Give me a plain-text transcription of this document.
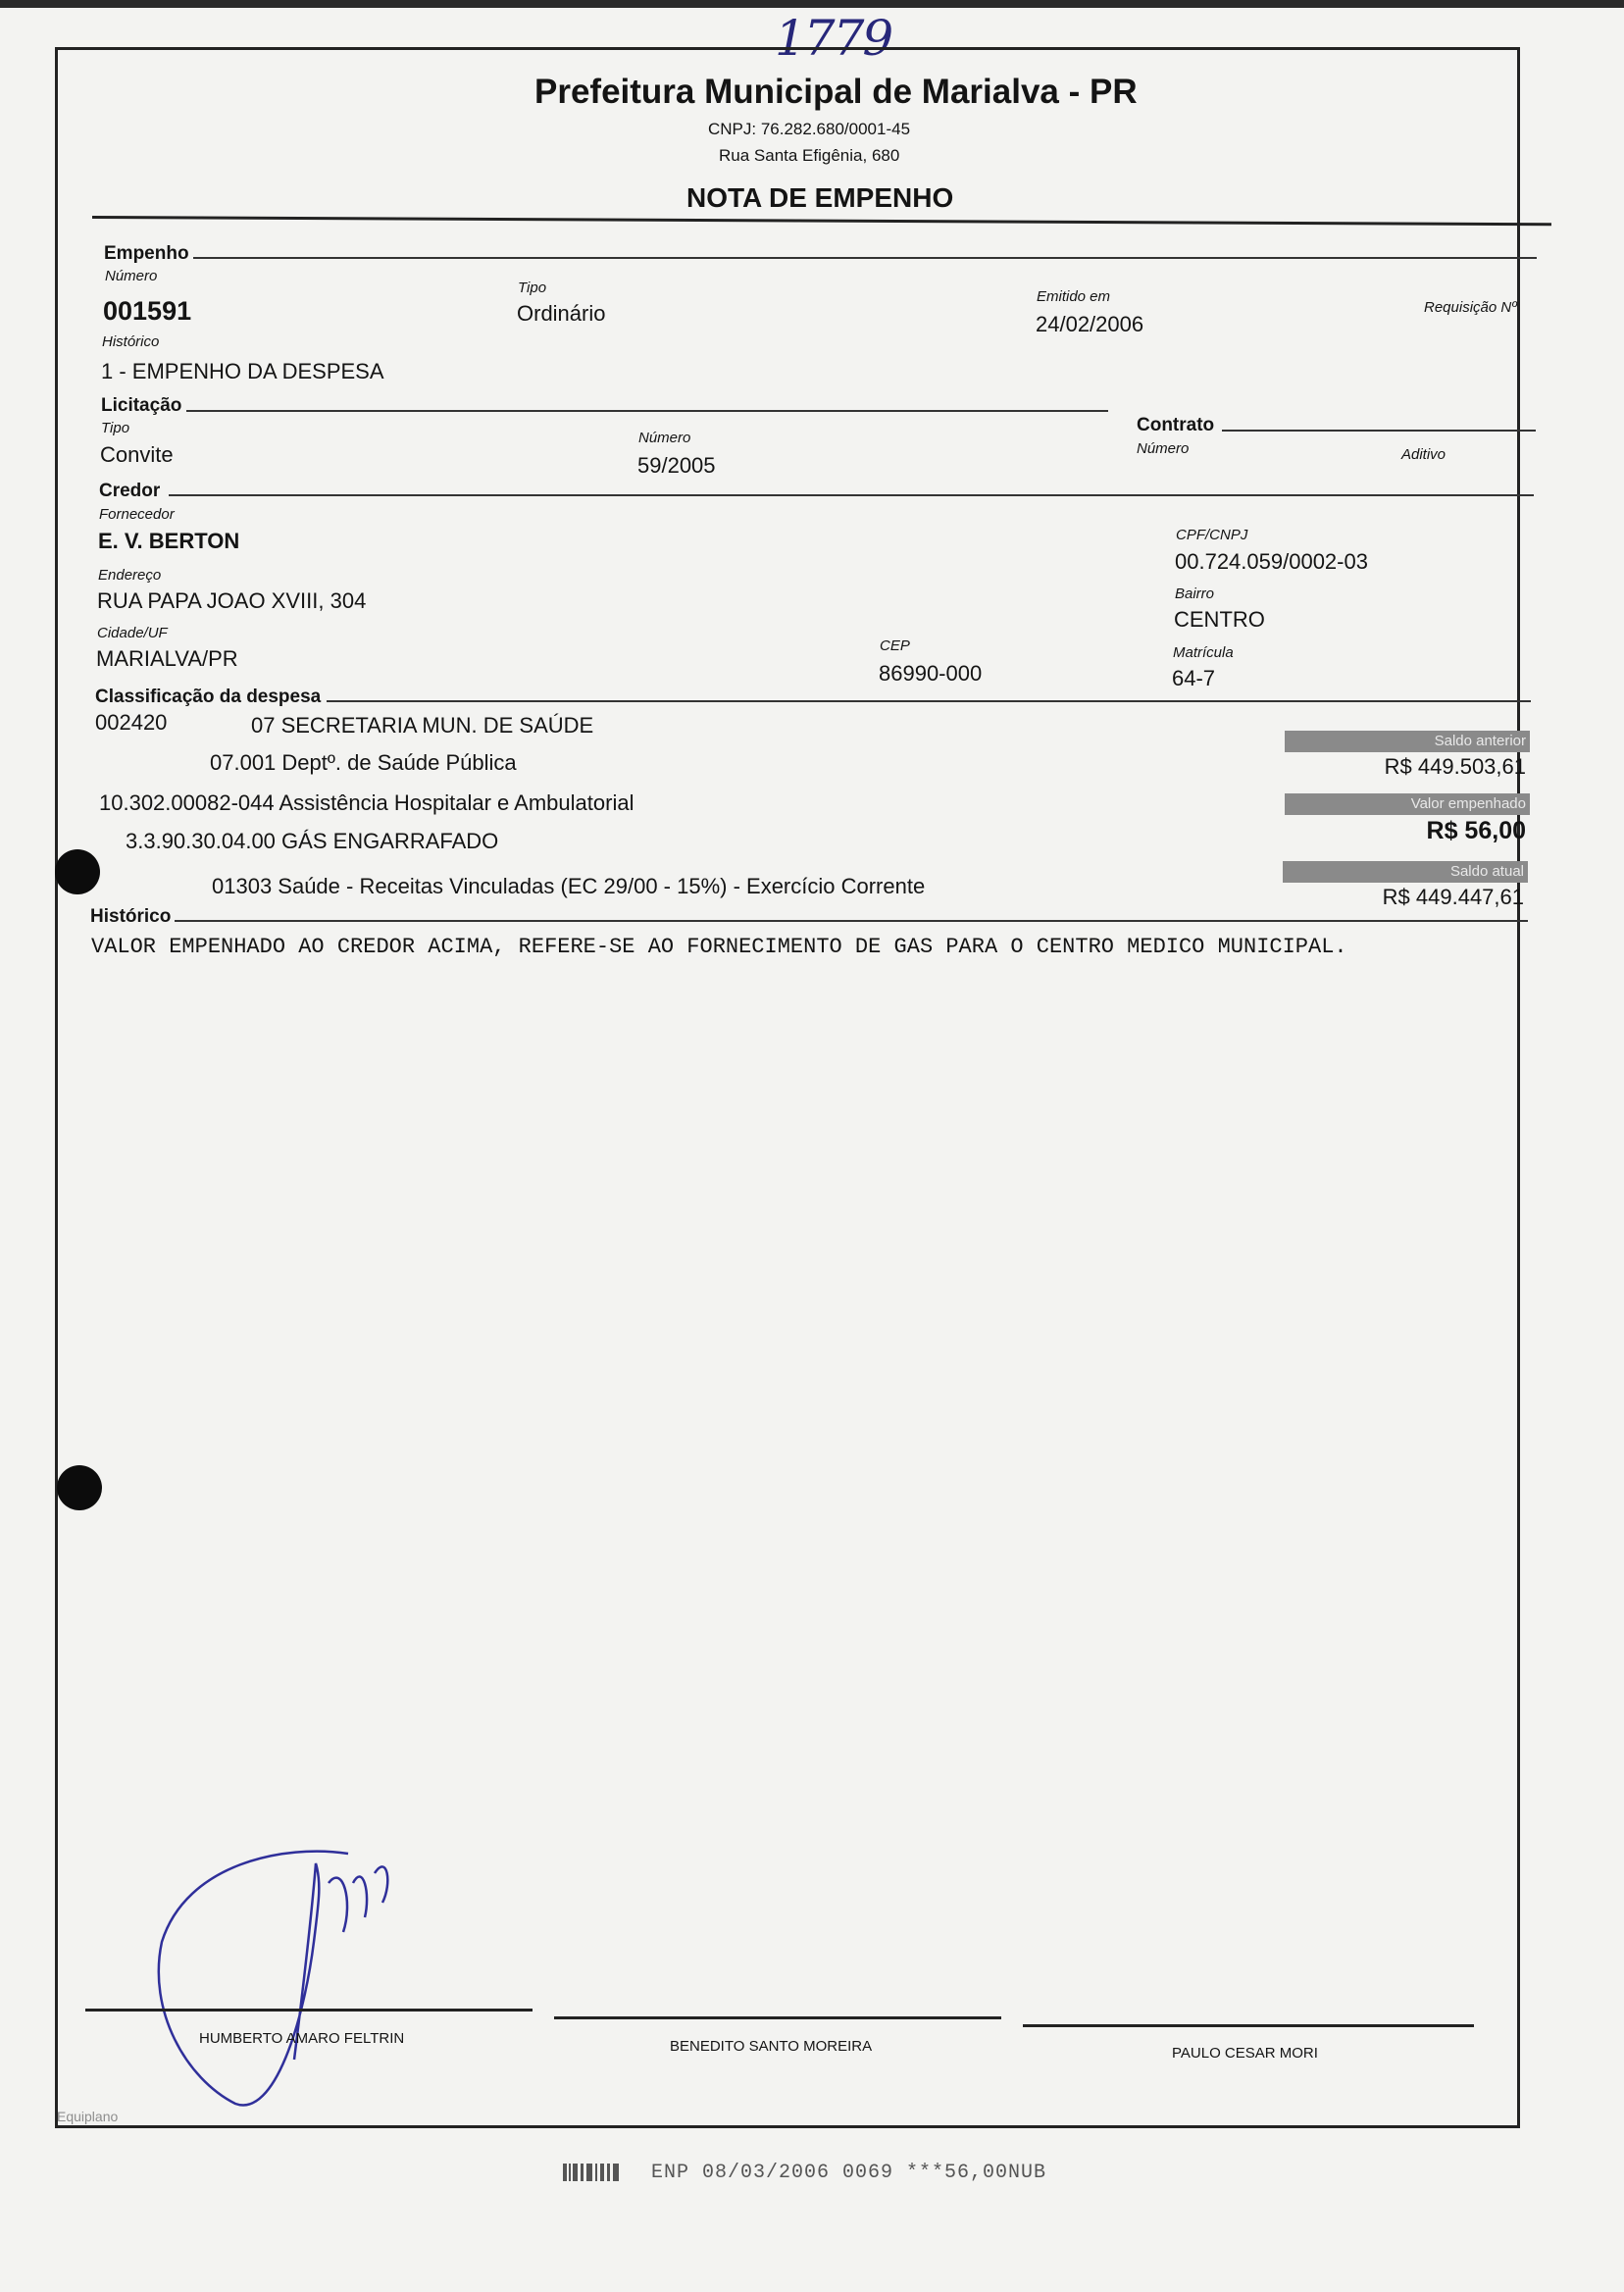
1779
Prefeitura Municipal de Marialva - PR
CNPJ: 76.282.680/0001-45
Rua Santa Efigênia, 680
NOTA DE EMPENHO
Empenho
Número
001591
Tipo
Ordinário
Emitido em
24/02/2006
Requisição Nº
Histórico
1 - EMPENHO DA DESPESA
Licitação
Tipo
Convite
Número
59/2005
Contrato
Número	Aditivo
Credor
Fornecedor
E. V. BERTON	CPF/CNPJ
00.724.059/0002-03
Endereço
RUA PAPA JOAO XVIII, 304	Bairro
CENTRO
Cidade/UF
MARIALVA/PR
CEP
86990-000
Matrícula
64-7
Classificação da despesa
002420	07 SECRETARIA MUN. DE SAÚDE
07.001 Deptº. de Saúde Pública
10.302.00082-044 Assistência Hospitalar e Ambulatorial
3.3.90.30.04.00 GÁS ENGARRAFADO
01303 Saúde - Receitas Vinculadas (EC 29/00 - 15%) - Exercício Corrente
Saldo anterior
R$ 449.503,61
Valor empenhado
R$ 56,00
Saldo atual
R$ 449.447,61
Histórico
VALOR EMPENHADO AO CREDOR ACIMA, REFERE-SE AO FORNECIMENTO DE GAS PARA O CENTRO MEDICO MUNICIPAL.
HUMBERTO AMARO FELTRIN	BENEDITO SANTO MOREIRA	PAULO CESAR MORI
Equiplano
ENP 08/03/2006 0069 ***56,00NUB
